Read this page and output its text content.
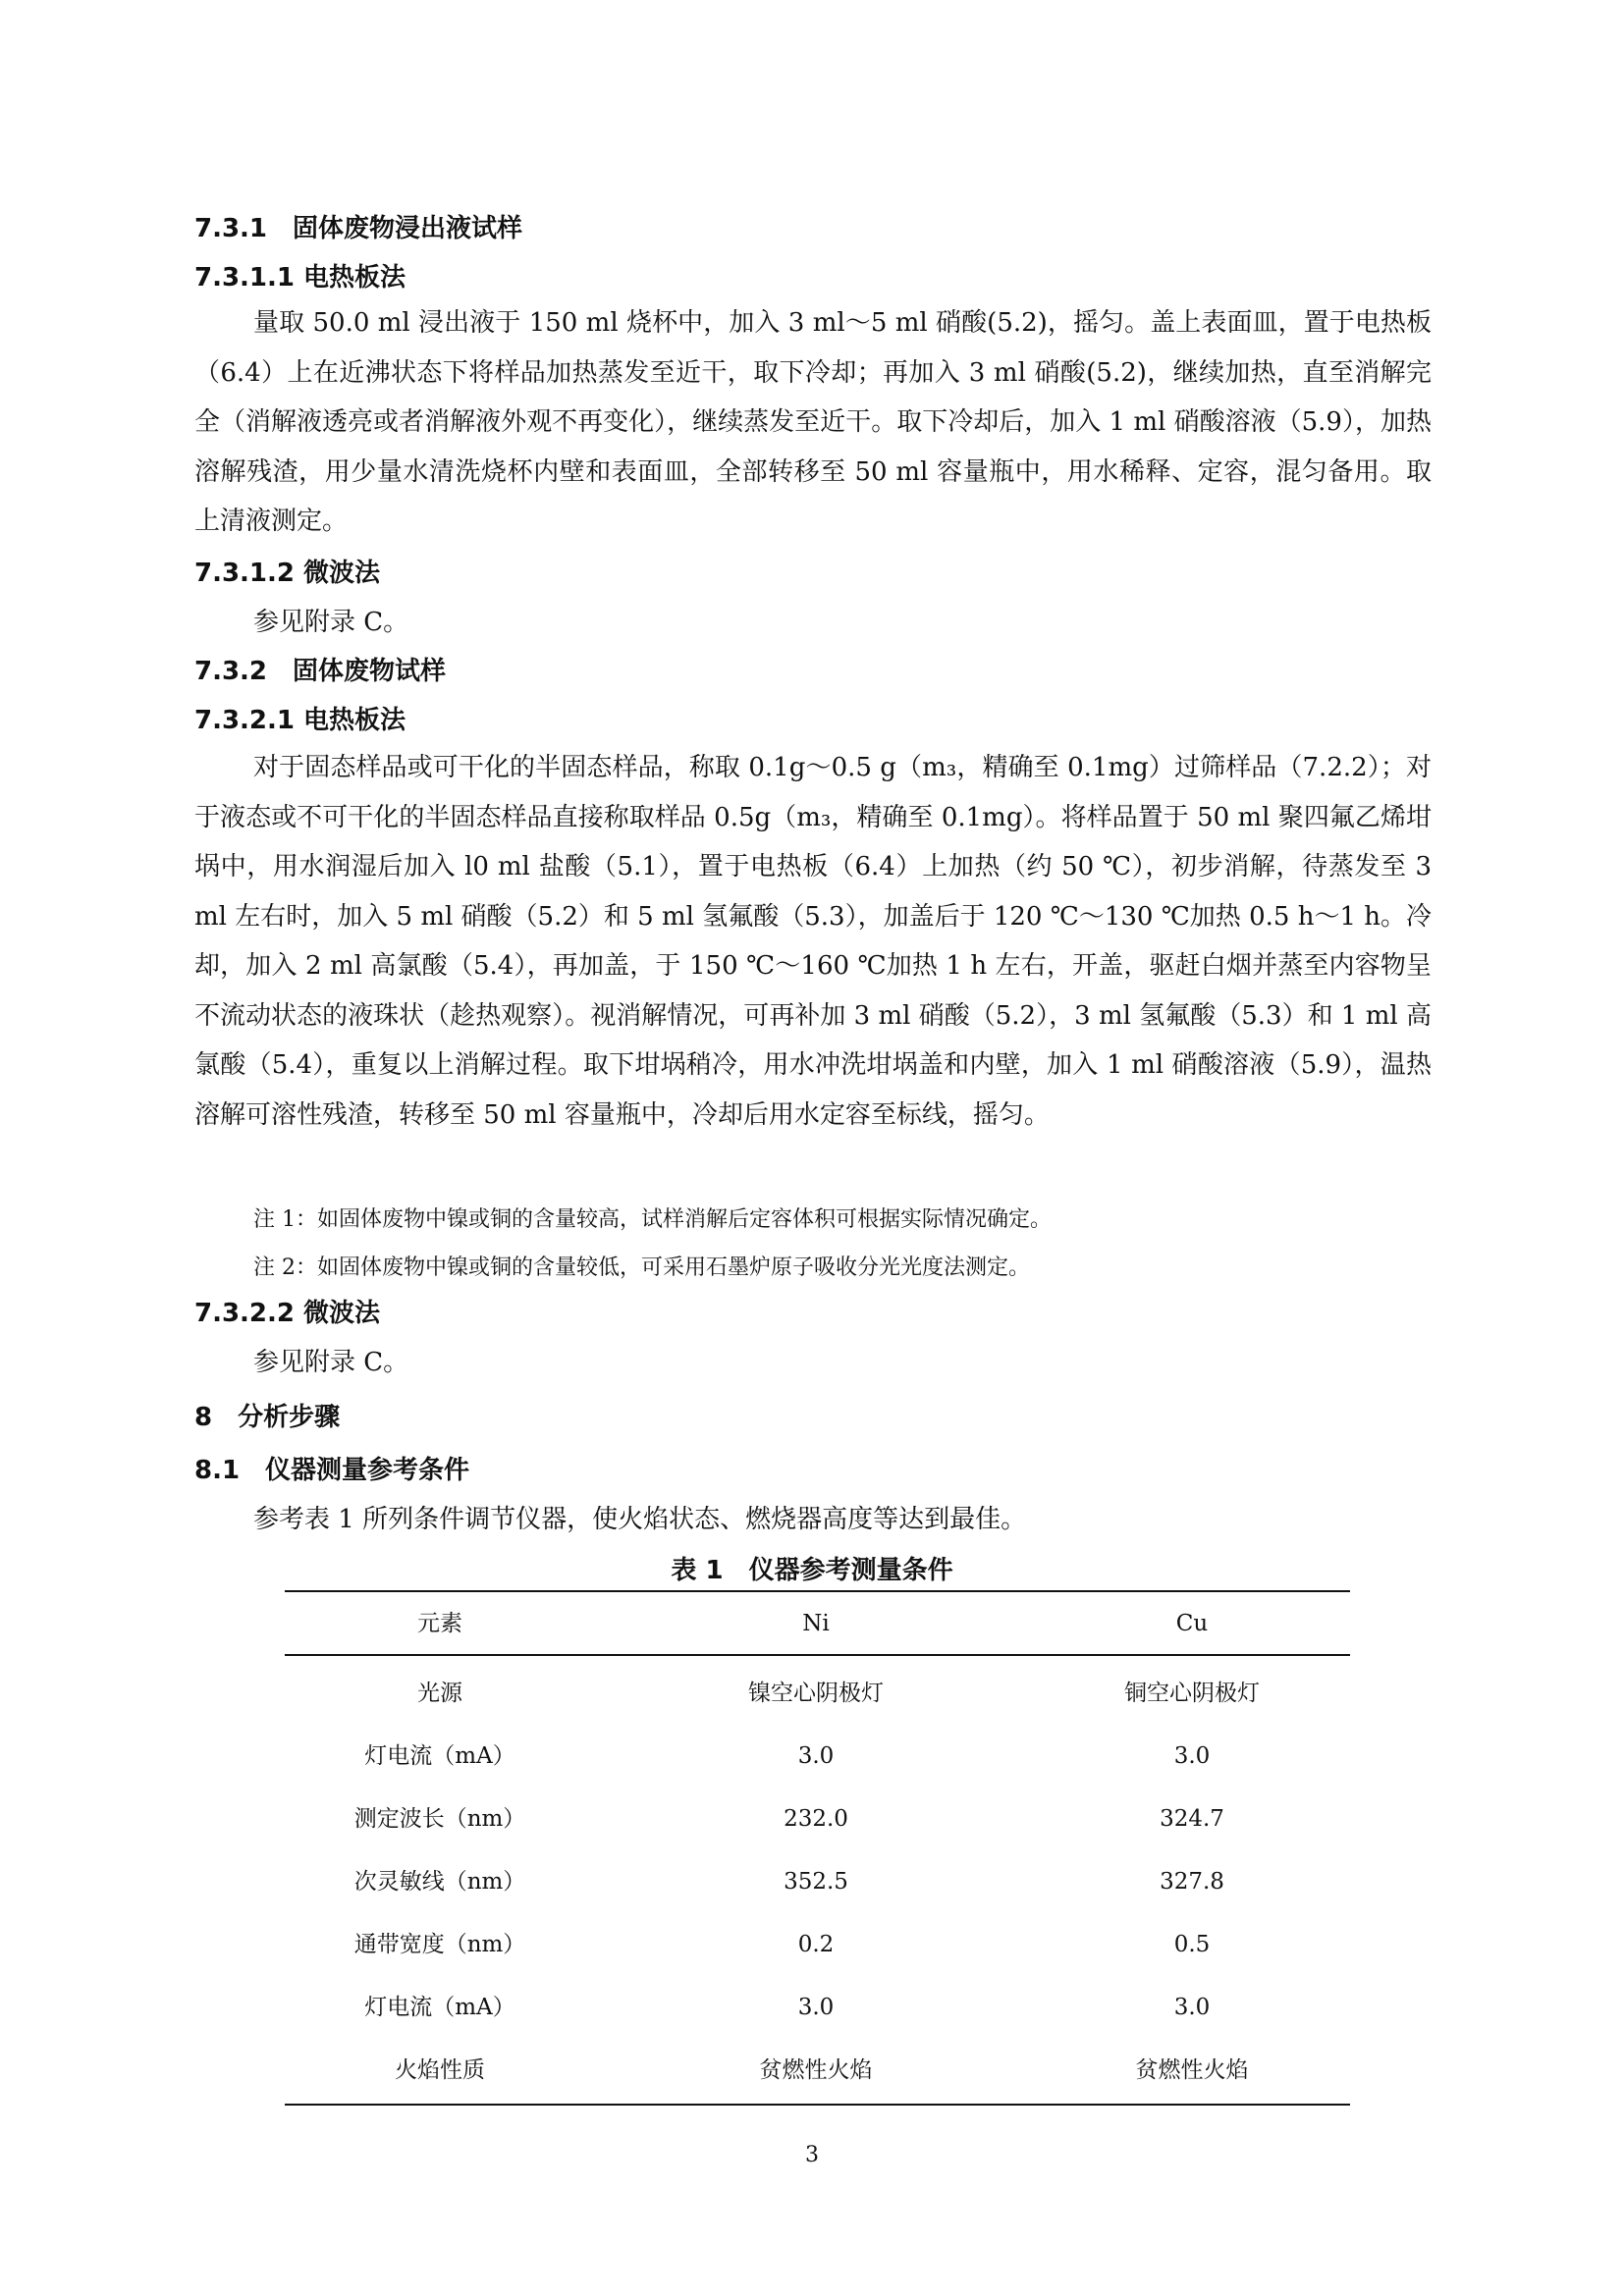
7.3.1　固体废物浸出液试样
7.3.1.1 电热板法

量取 50.0 ml 浸出液于 150 ml 烧杯中，加入 3 ml～5 ml 硝酸(5.2)，摇匀。盖上表面皿，置于电热板（6.4）上在近沸状态下将样品加热蒸发至近干，取下冷却；再加入 3 ml 硝酸(5.2)，继续加热，直至消解完全（消解液透亮或者消解液外观不再变化），继续蒸发至近干。取下冷却后，加入 1 ml 硝酸溶液（5.9），加热溶解残渣，用少量水清洗烧杯内壁和表面皿，全部转移至 50 ml 容量瓶中，用水稀释、定容，混匀备用。取上清液测定。

7.3.1.2 微波法
参见附录 C。
7.3.2　固体废物试样
7.3.2.1 电热板法

对于固态样品或可干化的半固态样品，称取 0.1g～0.5 g（m₃，精确至 0.1mg）过筛样品（7.2.2）；对于液态或不可干化的半固态样品直接称取样品 0.5g（m₃，精确至 0.1mg）。将样品置于 50 ml 聚四氟乙烯坩埚中，用水润湿后加入 l0 ml 盐酸（5.1），置于电热板（6.4）上加热（约 50 ℃），初步消解，待蒸发至 3 ml 左右时，加入 5 ml 硝酸（5.2）和 5 ml 氢氟酸（5.3），加盖后于 120 ℃～130 ℃加热 0.5 h～1 h。冷却，加入 2 ml 高氯酸（5.4），再加盖，于 150 ℃～160 ℃加热 1 h 左右，开盖，驱赶白烟并蒸至内容物呈不流动状态的液珠状（趁热观察）。视消解情况，可再补加 3 ml 硝酸（5.2），3 ml 氢氟酸（5.3）和 1 ml 高氯酸（5.4），重复以上消解过程。取下坩埚稍冷，用水冲洗坩埚盖和内壁，加入 1 ml 硝酸溶液（5.9），温热溶解可溶性残渣，转移至 50 ml 容量瓶中，冷却后用水定容至标线，摇匀。

注 1：如固体废物中镍或铜的含量较高，试样消解后定容体积可根据实际情况确定。
注 2：如固体废物中镍或铜的含量较低，可采用石墨炉原子吸收分光光度法测定。
7.3.2.2 微波法
参见附录 C。
8　分析步骤
8.1　仪器测量参考条件
参考表 1 所列条件调节仪器，使火焰状态、燃烧器高度等达到最佳。
表 1　仪器参考测量条件
元素	Ni	Cu
光源	镍空心阴极灯	铜空心阴极灯
灯电流（mA）	3.0	3.0
测定波长（nm）	232.0	324.7
次灵敏线（nm）	352.5	327.8
通带宽度（nm）	0.2	0.5
灯电流（mA）	3.0	3.0
火焰性质	贫燃性火焰	贫燃性火焰
3
